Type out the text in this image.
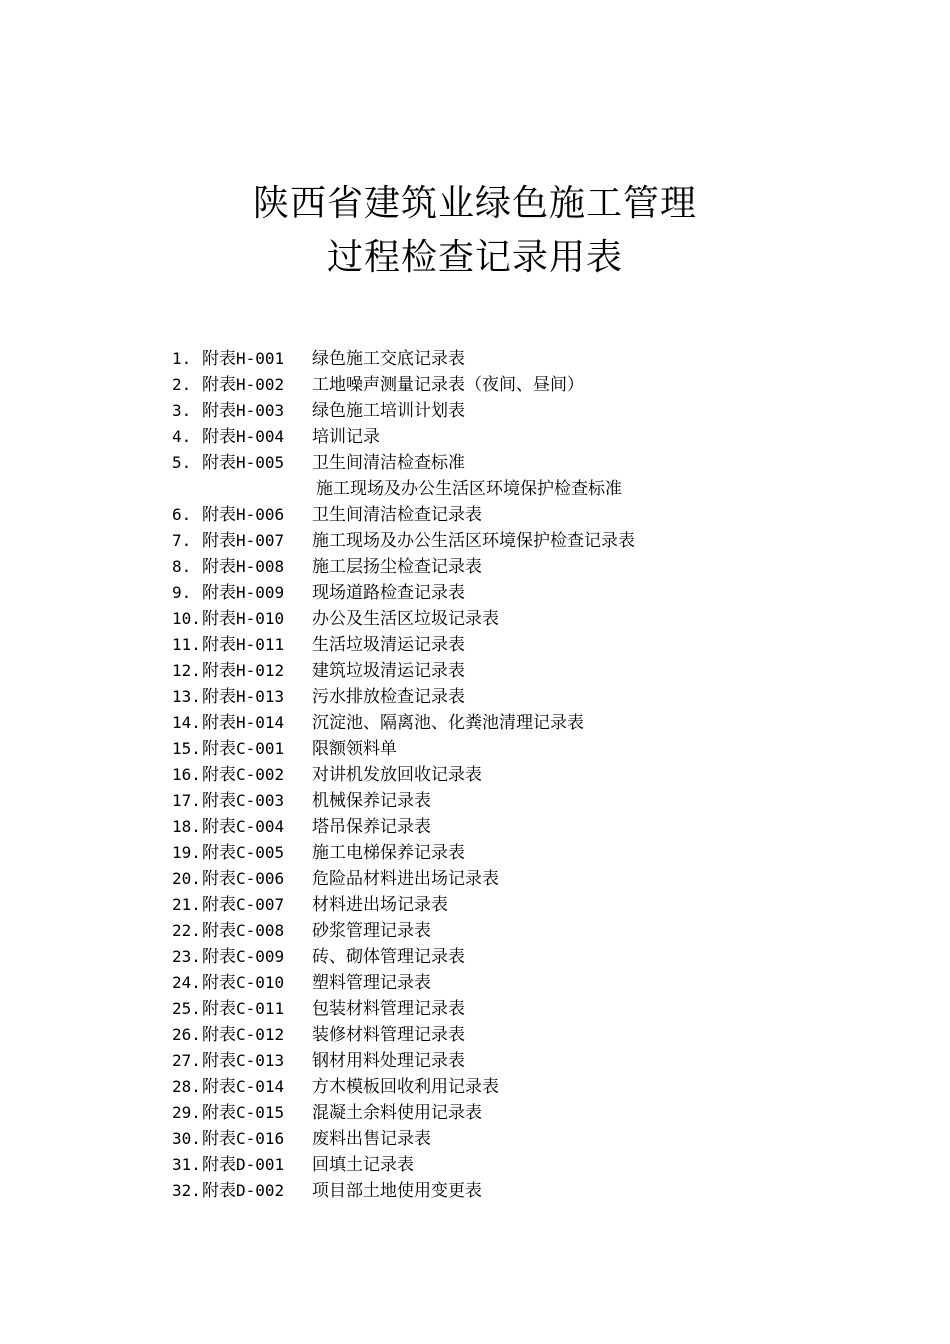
陕西省建筑业绿色施工管理
过程检查记录用表
1. 附表H-001	绿色施工交底记录表
2. 附表H-002	工地噪声测量记录表（夜间、昼间）
3. 附表H-003	绿色施工培训计划表
4. 附表H-004	培训记录
5. 附表H-005	卫生间清洁检查标准
施工现场及办公生活区环境保护检查标准
6. 附表H-006	卫生间清洁检查记录表
7. 附表H-007	施工现场及办公生活区环境保护检查记录表
8. 附表H-008	施工层扬尘检查记录表
9. 附表H-009	现场道路检查记录表
10. 附表H-010	办公及生活区垃圾记录表
11. 附表H-011	生活垃圾清运记录表
12. 附表H-012	建筑垃圾清运记录表
13. 附表H-013	污水排放检查记录表
14. 附表H-014	沉淀池、隔离池、化粪池清理记录表
15. 附表C-001	限额领料单
16. 附表C-002	对讲机发放回收记录表
17. 附表C-003	机械保养记录表
18. 附表C-004	塔吊保养记录表
19. 附表C-005	施工电梯保养记录表
20. 附表C-006	危险品材料进出场记录表
21. 附表C-007	材料进出场记录表
22. 附表C-008	砂浆管理记录表
23. 附表C-009	砖、砌体管理记录表
24. 附表C-010	塑料管理记录表
25. 附表C-011	包装材料管理记录表
26. 附表C-012	装修材料管理记录表
27. 附表C-013	钢材用料处理记录表
28. 附表C-014	方木模板回收利用记录表
29. 附表C-015	混凝土余料使用记录表
30. 附表C-016	废料出售记录表
31. 附表D-001	回填土记录表
32. 附表D-002	项目部土地使用变更表
